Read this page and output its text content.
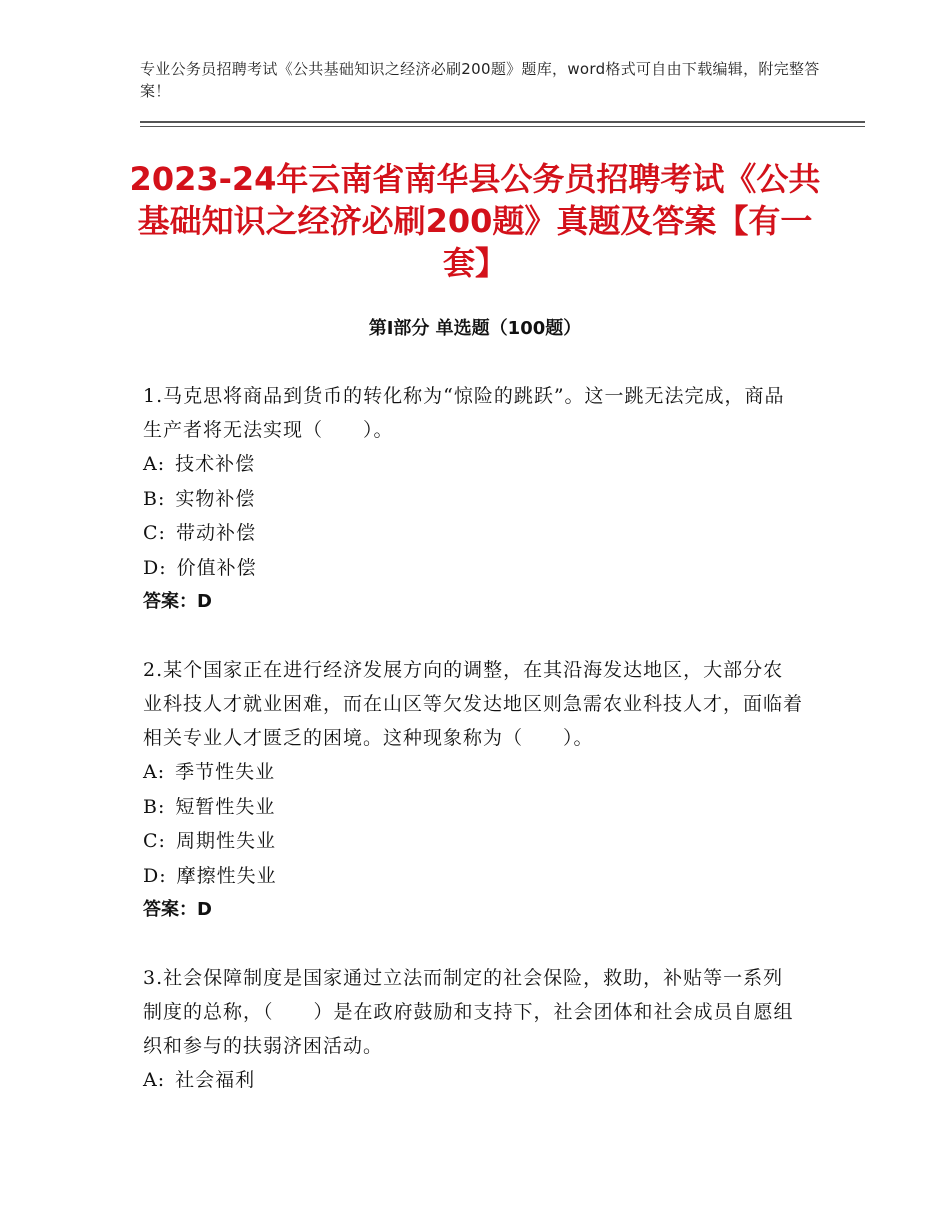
专业公务员招聘考试《公共基础知识之经济必刷200题》题库，word格式可自由下载编辑，附完整答案！
2023-24年云南省南华县公务员招聘考试《公共基础知识之经济必刷200题》真题及答案【有一套】
第Ⅰ部分 单选题（100题）
1.马克思将商品到货币的转化称为“惊险的跳跃”。这一跳无法完成，商品生产者将无法实现（　　）。
A: 技术补偿
B: 实物补偿
C: 带动补偿
D: 价值补偿
答案：D
2.某个国家正在进行经济发展方向的调整，在其沿海发达地区，大部分农业科技人才就业困难，而在山区等欠发达地区则急需农业科技人才，面临着相关专业人才匮乏的困境。这种现象称为（　　）。
A: 季节性失业
B: 短暂性失业
C: 周期性失业
D: 摩擦性失业
答案：D
3.社会保障制度是国家通过立法而制定的社会保险，救助，补贴等一系列制度的总称，（　　）是在政府鼓励和支持下，社会团体和社会成员自愿组织和参与的扶弱济困活动。
A: 社会福利
